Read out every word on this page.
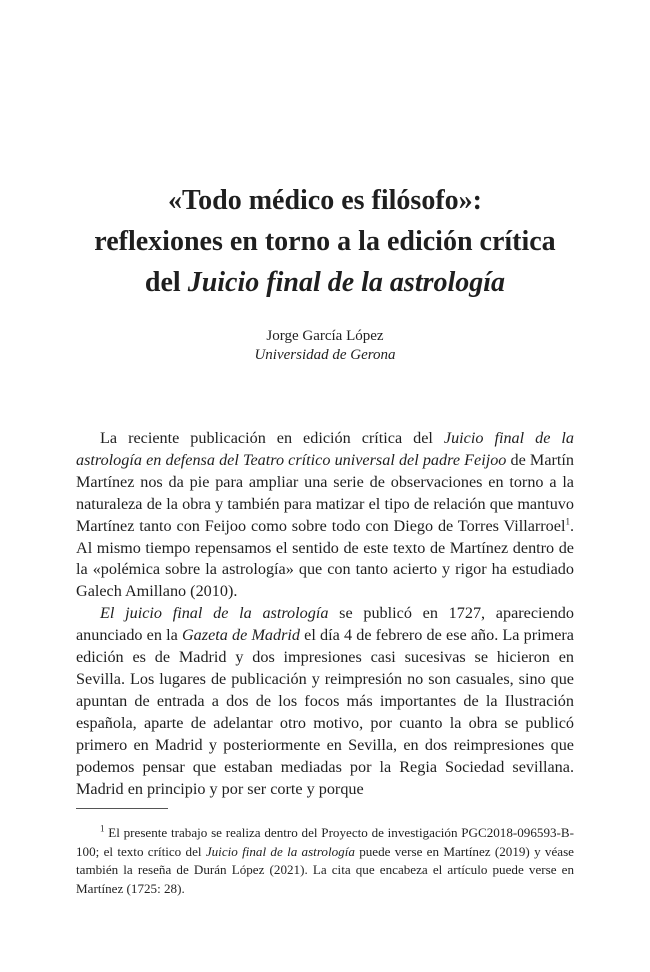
«Todo médico es filósofo»:
reflexiones en torno a la edición crítica
del Juicio final de la astrología
Jorge García López
Universidad de Gerona

La reciente publicación en edición crítica del Juicio final de la astrología en defensa del Teatro crítico universal del padre Feijoo de Martín Martínez nos da pie para ampliar una serie de observaciones en torno a la naturaleza de la obra y también para matizar el tipo de relación que mantuvo Martínez tanto con Feijoo como sobre todo con Diego de Torres Villarroel$^1$. Al mismo tiempo repensamos el sentido de este texto de Martínez dentro de la «polémica sobre la astrología» que con tanto acierto y rigor ha estudiado Galech Amillano (2010).

El juicio final de la astrología se publicó en 1727, apareciendo anunciado en la Gazeta de Madrid el día 4 de febrero de ese año. La primera edición es de Madrid y dos impresiones casi sucesivas se hicieron en Sevilla. Los lugares de publicación y reimpresión no son casuales, sino que apuntan de entrada a dos de los focos más importantes de la Ilustración española, aparte de adelantar otro motivo, por cuanto la obra se publicó primero en Madrid y posteriormente en Sevilla, en dos reimpresiones que podemos pensar que estaban mediadas por la Regia Sociedad sevillana. Madrid en principio y por ser corte y porque

$^1$ El presente trabajo se realiza dentro del Proyecto de investigación PGC2018-096593-B-100; el texto crítico del Juicio final de la astrología puede verse en Martínez (2019) y véase también la reseña de Durán López (2021). La cita que encabeza el artículo puede verse en Martínez (1725: 28).
